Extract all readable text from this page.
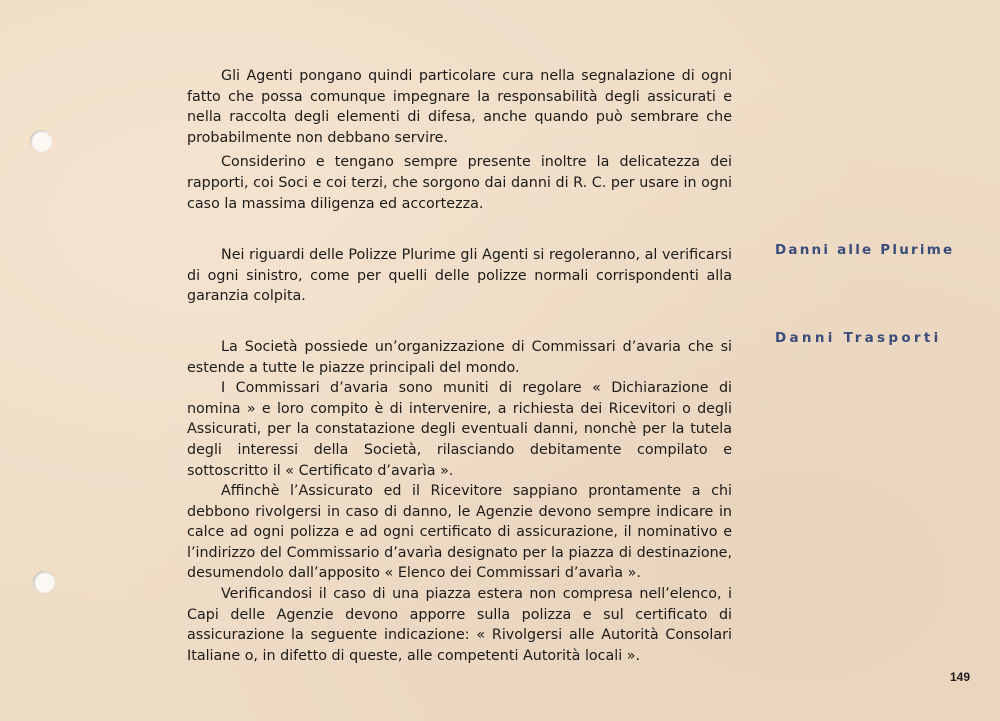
Gli Agenti pongano quindi particolare cura nella segnalazione di ogni fatto che possa comunque impegnare la responsabilità degli assicurati e nella raccolta degli elementi di difesa, anche quando può sembrare che probabilmente non debbano servire.

Considerino e tengano sempre presente inoltre la delicatezza dei rapporti, coi Soci e coi terzi, che sorgono dai danni di R. C. per usare in ogni caso la massima diligenza ed accortezza.

Nei riguardi delle Polizze Plurime gli Agenti si regoleranno, al verificarsi di ogni sinistro, come per quelli delle polizze normali corrispondenti alla garanzia colpita.

La Società possiede un’organizzazione di Commissari d’avaria che si estende a tutte le piazze principali del mondo.

I Commissari d’avaria sono muniti di regolare « Dichiarazione di nomina » e loro compito è di intervenire, a richiesta dei Ricevitori o degli Assicurati, per la constatazione degli eventuali danni, nonchè per la tutela degli interessi della Società, rilasciando debitamente compilato e sottoscritto il « Certificato d’avarìa ».

Affinchè l’Assicurato ed il Ricevitore sappiano prontamente a chi debbono rivolgersi in caso di danno, le Agenzie devono sempre indicare in calce ad ogni polizza e ad ogni certificato di assicurazione, il nominativo e l’indirizzo del Commissario d’avarìa designato per la piazza di destinazione, desumendolo dall’apposito « Elenco dei Commissari d’avarìa ».

Verificandosi il caso di una piazza estera non compresa nell’elenco, i Capi delle Agenzie devono apporre sulla polizza e sul certificato di assicurazione la seguente indicazione: « Rivolgersi alle Autorità Consolari Italiane o, in difetto di queste, alle competenti Autorità locali ».

Danni alle Plurime
Danni Trasporti
149
